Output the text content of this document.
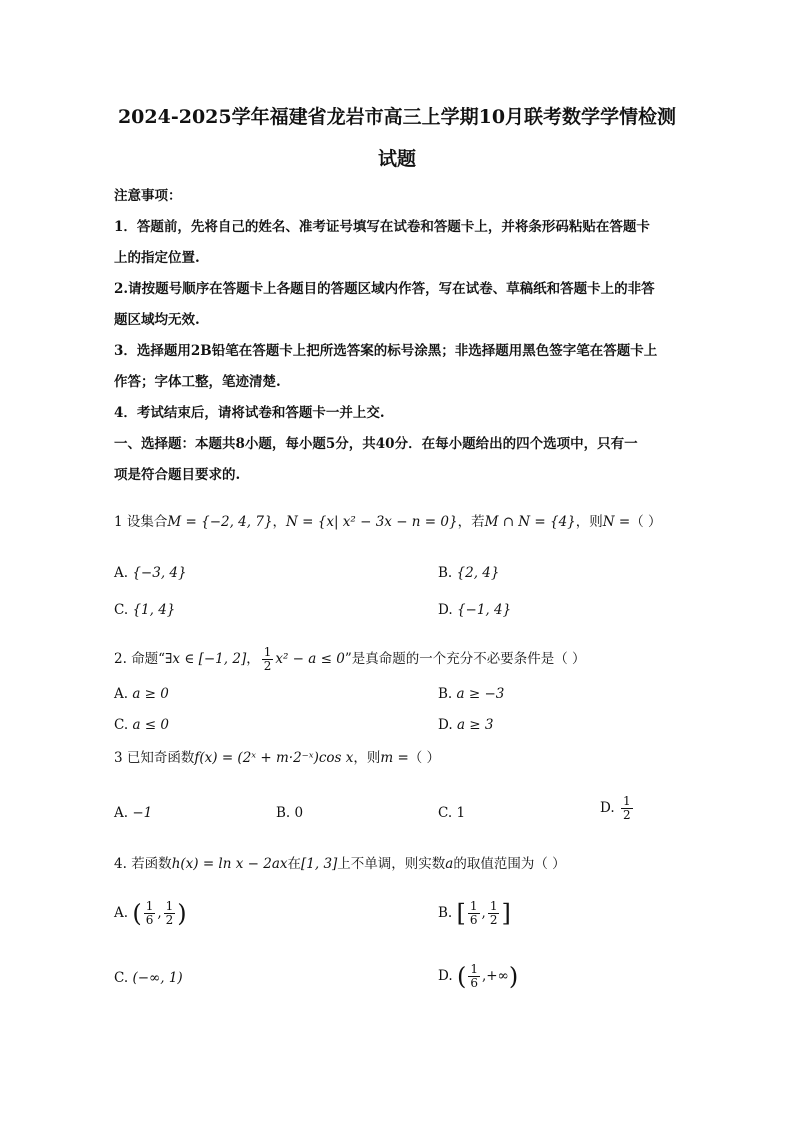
2024-2025学年福建省龙岩市高三上学期10月联考数学学情检测
试题
注意事项：
1．答题前，先将自己的姓名、准考证号填写在试卷和答题卡上，并将条形码粘贴在答题卡
上的指定位置.
2.请按题号顺序在答题卡上各题目的答题区域内作答，写在试卷、草稿纸和答题卡上的非答
题区域均无效.
3．选择题用2B铅笔在答题卡上把所选答案的标号涂黑；非选择题用黑色签字笔在答题卡上
作答；字体工整，笔迹清楚.
4．考试结束后，请将试卷和答题卡一并上交.
一、选择题：本题共8小题，每小题5分，共40分．在每小题给出的四个选项中，只有一
项是符合题目要求的.
1 设集合M = {−2, 4, 7}，N = {x| x² − 3x − n = 0}，若M ∩ N = {4}，则N =（ ）
A. {−3, 4}	B. {2, 4}
C. {1, 4}	D. {−1, 4}
2. 命题“∃x ∈ [−1, 2]， $\frac{1}{2} x^2 - a \le 0$”是真命题的一个充分不必要条件是（ ）
A. a ≥ 0	B. a ≥ −3
C. a ≤ 0	D. a ≥ 3
3 已知奇函数f(x) = (2ˣ + m·2⁻ˣ)cos x，则m =（ ）
A. −1	B. 0	C. 1	D. $\frac{1}{2}$
4. 若函数h(x) = ln x − 2ax在[1, 3]上不单调，则实数a的取值范围为（ ）
A. ( $\frac{1}{6}$ , $\frac{1}{2}$ )	B. [ $\frac{1}{6}$ , $\frac{1}{2}$ ]
C. (−∞, 1)	D. ( $\frac{1}{6}$ ,+∞)
